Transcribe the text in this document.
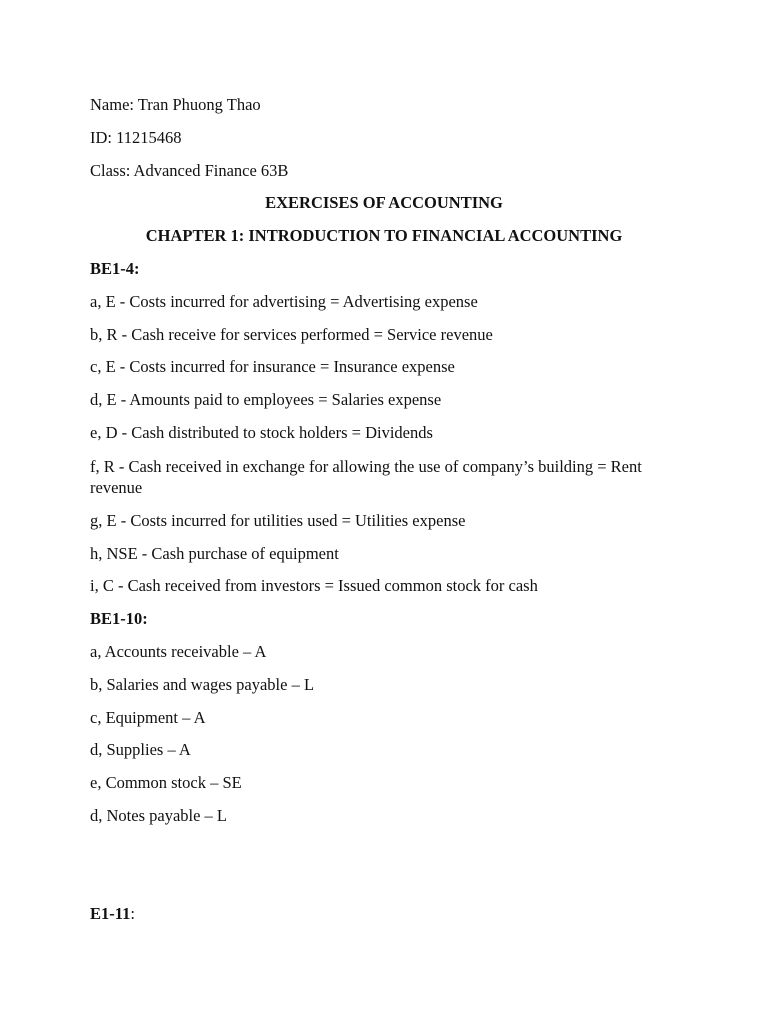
Name: Tran Phuong Thao
ID: 11215468
Class: Advanced Finance 63B
EXERCISES OF ACCOUNTING
CHAPTER 1: INTRODUCTION TO FINANCIAL ACCOUNTING
BE1-4:
a, E - Costs incurred for advertising = Advertising expense
b, R - Cash receive for services performed = Service revenue
c, E - Costs incurred for insurance = Insurance expense
d, E - Amounts paid to employees = Salaries expense
e, D - Cash distributed to stock holders = Dividends
f, R - Cash received in exchange for allowing the use of company’s building = Rent revenue
g, E - Costs incurred for utilities used = Utilities expense
h, NSE - Cash purchase of equipment
i, C - Cash received from investors = Issued common stock for cash
BE1-10:
a, Accounts receivable – A
b, Salaries and wages payable – L
c, Equipment – A
d, Supplies – A
e, Common stock – SE
d, Notes payable – L
E1-11:
